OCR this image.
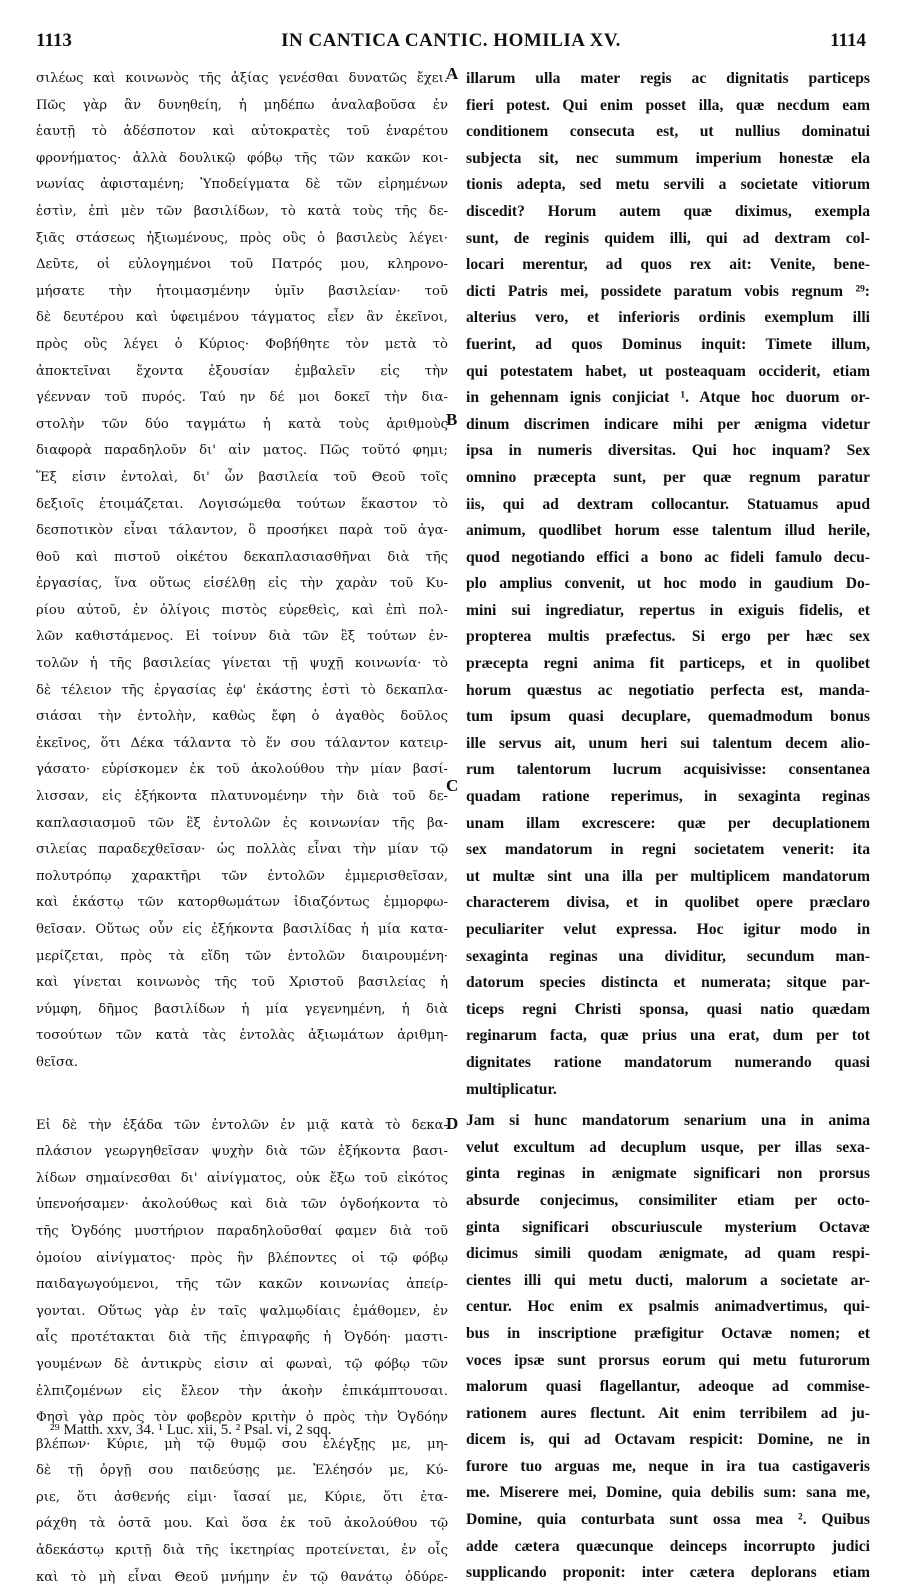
1113	IN CANTICA CANTIC. HOMILIA XV.	1114
σιλέως καὶ κοινωνὸς τῆς ἀξίας γενέσθαι δυνατῶς ἔχει.
Πῶς γὰρ ἂν δυνηθείη, ἡ μηδέπω ἀναλαβοῦσα ἐν
ἑαυτῇ τὸ ἀδέσποτον καὶ αὐτοκρατὲς τοῦ ἐναρέτου
φρονήματος· ἀλλὰ δουλικῷ φόβῳ τῆς τῶν κακῶν κοι-
νωνίας ἀφισταμένη; Ὑποδείγματα δὲ τῶν εἰρημένων
ἐστὶν, ἐπὶ μὲν τῶν βασιλίδων, τὸ κατὰ τοὺς τῆς δε-
ξιᾶς στάσεως ἠξιωμένους, πρὸς οὓς ὁ βασιλεὺς λέγει·
Δεῦτε, οἱ εὐλογημένοι τοῦ Πατρός μου, κληρονο-
μήσατε τὴν ἡτοιμασμένην ὑμῖν βασιλείαν· τοῦ
δὲ δευτέρου καὶ ὑφειμένου τάγματος εἶεν ἂν ἐκεῖνοι,
πρὸς οὓς λέγει ὁ Κύριος· Φοβήθητε τὸν μετὰ τὸ
ἀποκτεῖναι ἔχοντα ἐξουσίαν ἐμβαλεῖν εἰς τὴν
γέενναν τοῦ πυρός. Ταύ ην δέ μοι δοκεῖ τὴν δια-
στολὴν τῶν δύο ταγμάτω ἡ κατὰ τοὺς ἀριθμοὺς
διαφορὰ παραδηλοῦν δι' αἰν ματος. Πῶς τοῦτό φημι;
Ἕξ εἰσιν ἐντολαὶ, δι' ὧν βασιλεία τοῦ Θεοῦ τοῖς
δεξιοῖς ἑτοιμάζεται. Λογισώμεθα τούτων ἕκαστον τὸ
δεσποτικὸν εἶναι τάλαντον, ὃ προσήκει παρὰ τοῦ ἀγα-
θοῦ καὶ πιστοῦ οἰκέτου δεκαπλασιασθῆναι διὰ τῆς
ἐργασίας, ἵνα οὕτως εἰσέλθῃ εἰς τὴν χαρὰν τοῦ Κυ-
ρίου αὐτοῦ, ἐν ὀλίγοις πιστὸς εὑρεθεὶς, καὶ ἐπὶ πολ-
λῶν καθιστάμενος. Εἰ τοίνυν διὰ τῶν ἓξ τούτων ἐν-
τολῶν ἡ τῆς βασιλείας γίνεται τῇ ψυχῇ κοινωνία· τὸ
δὲ τέλειον τῆς ἐργασίας ἐφ' ἑκάστης ἐστὶ τὸ δεκαπλα-
σιάσαι τὴν ἐντολὴν, καθὼς ἔφη ὁ ἀγαθὸς δοῦλος
ἐκεῖνος, ὅτι Δέκα τάλαντα τὸ ἕν σου τάλαντον κατειρ-
γάσατο· εὑρίσκομεν ἐκ τοῦ ἀκολούθου τὴν μίαν βασί-
λισσαν, εἰς ἑξήκοντα πλατυνομένην τὴν διὰ τοῦ δε-
καπλασιασμοῦ τῶν ἓξ ἐντολῶν ἐς κοινωνίαν τῆς βα-
σιλείας παραδεχθεῖσαν· ὡς πολλὰς εἶναι τὴν μίαν τῷ
πολυτρόπῳ χαρακτῆρι τῶν ἐντολῶν ἐμμερισθεῖσαν,
καὶ ἑκάστῳ τῶν κατορθωμάτων ἰδιαζόντως ἐμμορφω-
θεῖσαν. Οὕτως οὖν εἰς ἑξήκοντα βασιλίδας ἡ μία κατα-
μερίζεται, πρὸς τὰ εἴδη τῶν ἐντολῶν διαιρουμένη·
καὶ γίνεται κοινωνὸς τῆς τοῦ Χριστοῦ βασιλείας ἡ
νύμφη, δῆμος βασιλίδων ἡ μία γεγενημένη, ἡ διὰ
τοσούτων τῶν κατὰ τὰς ἐντολὰς ἀξιωμάτων ἀριθμη-
θεῖσα.
Εἰ δὲ τὴν ἑξάδα τῶν ἐντολῶν ἐν μιᾷ κατὰ τὸ δεκα-
πλάσιον γεωργηθεῖσαν ψυχὴν διὰ τῶν ἑξήκοντα βασι-
λίδων σημαίνεσθαι δι' αἰνίγματος, οὐκ ἔξω τοῦ εἰκότος
ὑπενοήσαμεν· ἀκολούθως καὶ διὰ τῶν ὀγδοήκοντα τὸ
τῆς Ὀγδόης μυστήριον παραδηλοῦσθαί φαμεν διὰ τοῦ
ὁμοίου αἰνίγματος· πρὸς ἣν βλέποντες οἱ τῷ φόβῳ
παιδαγωγούμενοι, τῆς τῶν κακῶν κοινωνίας ἀπείρ-
γονται. Οὕτως γὰρ ἐν ταῖς ψαλμῳδίαις ἐμάθομεν, ἐν
αἷς προτέτακται διὰ τῆς ἐπιγραφῆς ἡ Ὀγδόη· μαστι-
γουμένων δὲ ἀντικρὺς εἰσιν αἱ φωναὶ, τῷ φόβῳ τῶν
ἐλπιζομένων εἰς ἔλεον τὴν ἀκοὴν ἐπικάμπτουσαι.
Φησὶ γὰρ πρὸς τὸν φοβερὸν κριτὴν ὁ πρὸς τὴν Ὀγδόην
βλέπων· Κύριε, μὴ τῷ θυμῷ σου ἐλέγξῃς με, μη-
δὲ τῇ ὀργῇ σου παιδεύσῃς με. Ἐλέησόν με, Κύ-
ριε, ὅτι ἀσθενής εἰμι· ἴασαί με, Κύριε, ὅτι ἐτα-
ράχθη τὰ ὀστᾶ μου. Καὶ ὅσα ἐκ τοῦ ἀκολούθου τῷ
ἀδεκάστῳ κριτῇ διὰ τῆς ἱκετηρίας προτείνεται, ἐν οἷς
καὶ τὸ μὴ εἶναι Θεοῦ μνήμην ἐν τῷ θανάτῳ ὀδύρε-
illarum ulla mater regis ac dignitatis particeps
fieri potest. Qui enim posset illa, quæ necdum eam
conditionem consecuta est, ut nullius dominatui
subjecta sit, nec summum imperium honestæ ela
tionis adepta, sed metu servili a societate vitiorum
discedit? Horum autem quæ diximus, exempla
sunt, de reginis quidem illi, qui ad dextram col-
locari merentur, ad quos rex ait: Venite, bene-
dicti Patris mei, possidete paratum vobis regnum ²⁹:
alterius vero, et inferioris ordinis exemplum illi
fuerint, ad quos Dominus inquit: Timete illum,
qui potestatem habet, ut posteaquam occiderit, etiam
in gehennam ignis conjiciat ¹. Atque hoc duorum or-
dinum discrimen indicare mihi per ænigma videtur
ipsa in numeris diversitas. Qui hoc inquam? Sex
omnino præcepta sunt, per quæ regnum paratur
iis, qui ad dextram collocantur. Statuamus apud
animum, quodlibet horum esse talentum illud herile,
quod negotiando effici a bono ac fideli famulo decu-
plo amplius convenit, ut hoc modo in gaudium Do-
mini sui ingrediatur, repertus in exiguis fidelis, et
propterea multis præfectus. Si ergo per hæc sex
præcepta regni anima fit particeps, et in quolibet
horum quæstus ac negotiatio perfecta est, manda-
tum ipsum quasi decuplare, quemadmodum bonus
ille servus ait, unum heri sui talentum decem alio-
rum talentorum lucrum acquisivisse: consentanea
quadam ratione reperimus, in sexaginta reginas
unam illam excrescere: quæ per decuplationem
sex mandatorum in regni societatem venerit: ita
ut multæ sint una illa per multiplicem mandatorum
characterem divisa, et in quolibet opere præclaro
peculiariter velut expressa. Hoc igitur modo in
sexaginta reginas una dividitur, secundum man-
datorum species distincta et numerata; sitque par-
ticeps regni Christi sponsa, quasi natio quædam
reginarum facta, quæ prius una erat, dum per tot
dignitates ratione mandatorum numerando quasi
multiplicatur.
Jam si hunc mandatorum senarium una in anima
velut excultum ad decuplum usque, per illas sexa-
ginta reginas in ænigmate significari non prorsus
absurde conjecimus, consimiliter etiam per octo-
ginta significari obscuriuscule mysterium Octavæ
dicimus simili quodam ænigmate, ad quam respi-
cientes illi qui metu ducti, malorum a societate ar-
centur. Hoc enim ex psalmis animadvertimus, qui-
bus in inscriptione præfigitur Octavæ nomen; et
voces ipsæ sunt prorsus eorum qui metu futurorum
malorum quasi flagellantur, adeoque ad commise-
rationem aures flectunt. Ait enim terribilem ad ju-
dicem is, qui ad Octavam respicit: Domine, ne in
furore tuo arguas me, neque in ira tua castigaveris
me. Miserere mei, Domine, quia debilis sum: sana me,
Domine, quia conturbata sunt ossa mea ². Quibus
adde cætera quæcunque deinceps incorrupto judici
supplicando proponit: inter cætera deplorans etiam
A
B
C
D
²⁹ Matth. xxv, 34. ¹ Luc. xii, 5. ² Psal. vi, 2 sqq.
